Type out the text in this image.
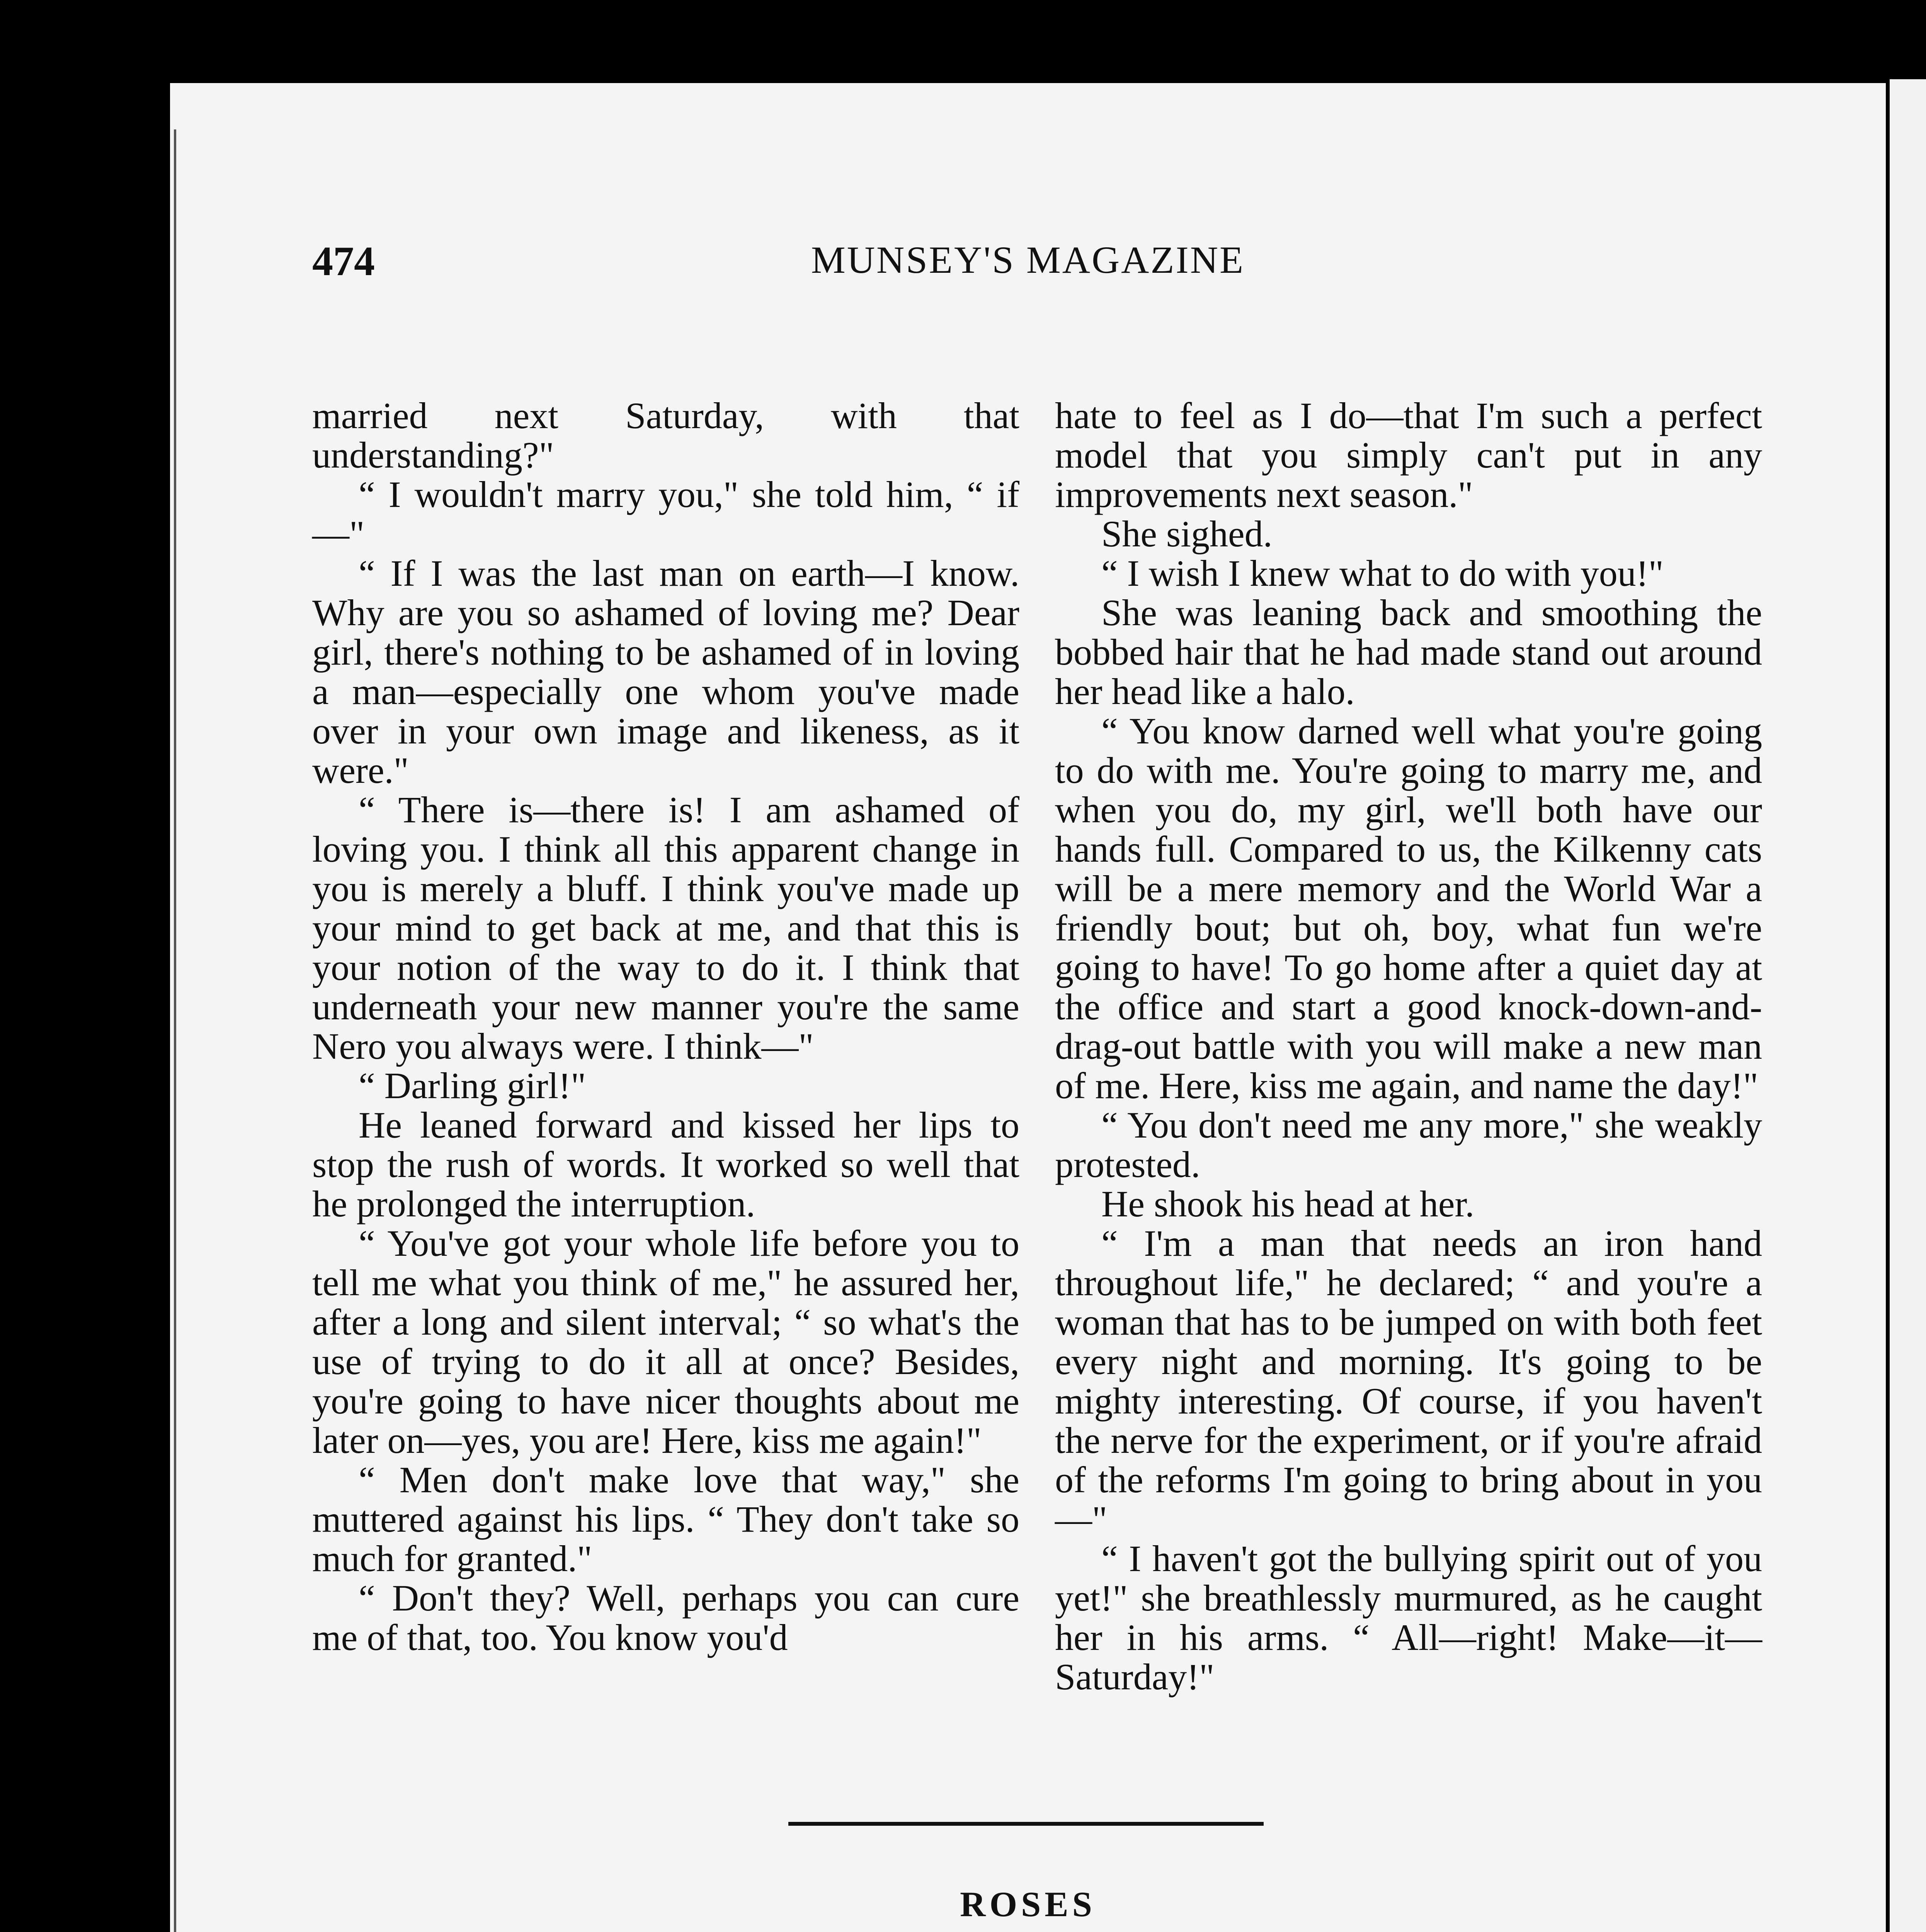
474	MUNSEY'S MAGAZINE

married next Saturday, with that understanding?"

“ I wouldn't marry you," she told him, “ if—"

“ If I was the last man on earth—I know. Why are you so ashamed of loving me? Dear girl, there's nothing to be ashamed of in loving a man—especially one whom you've made over in your own image and likeness, as it were."

“ There is—there is! I am ashamed of loving you. I think all this apparent change in you is merely a bluff. I think you've made up your mind to get back at me, and that this is your notion of the way to do it. I think that underneath your new manner you're the same Nero you always were. I think—"

“ Darling girl!"

He leaned forward and kissed her lips to stop the rush of words. It worked so well that he prolonged the interruption.

“ You've got your whole life before you to tell me what you think of me," he assured her, after a long and silent interval; “ so what's the use of trying to do it all at once? Besides, you're going to have nicer thoughts about me later on—yes, you are! Here, kiss me again!"

“ Men don't make love that way," she muttered against his lips. “ They don't take so much for granted."

“ Don't they? Well, perhaps you can cure me of that, too. You know you'd

hate to feel as I do—that I'm such a perfect model that you simply can't put in any improvements next season."

She sighed.

“ I wish I knew what to do with you!"

She was leaning back and smoothing the bobbed hair that he had made stand out around her head like a halo.

“ You know darned well what you're going to do with me. You're going to marry me, and when you do, my girl, we'll both have our hands full. Compared to us, the Kilkenny cats will be a mere memory and the World War a friendly bout; but oh, boy, what fun we're going to have! To go home after a quiet day at the office and start a good knock-down-and-drag-out battle with you will make a new man of me. Here, kiss me again, and name the day!"

“ You don't need me any more," she weakly protested.

He shook his head at her.

“ I'm a man that needs an iron hand throughout life," he declared; “ and you're a woman that has to be jumped on with both feet every night and morning. It's going to be mighty interesting. Of course, if you haven't the nerve for the experiment, or if you're afraid of the reforms I'm going to bring about in you—"

“ I haven't got the bullying spirit out of you yet!" she breathlessly murmured, as he caught her in his arms. “ All—right! Make—it—Saturday!"

ROSES
